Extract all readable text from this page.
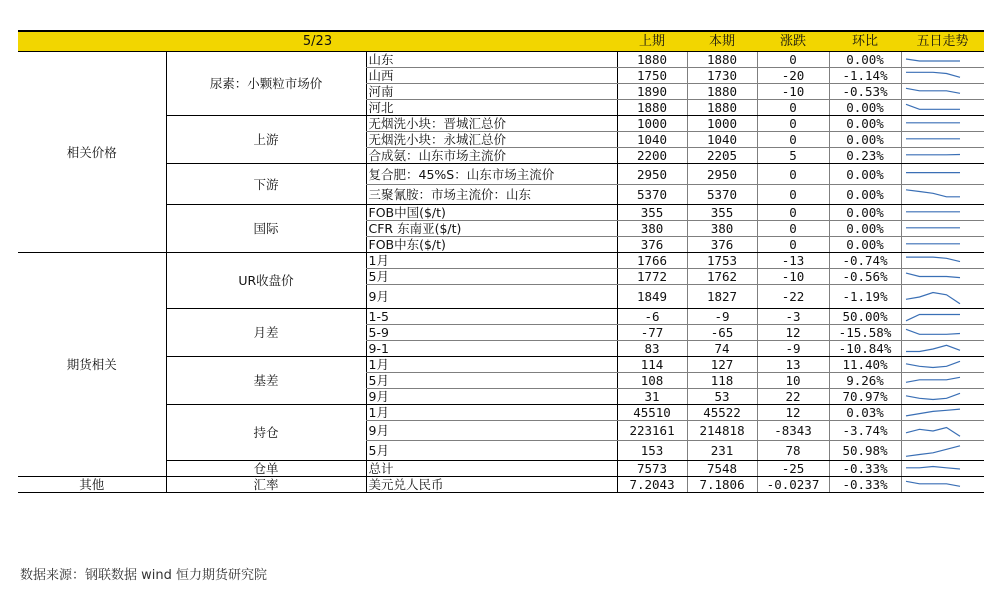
5/23			上期	本期	涨跌	环比	五日走势
相关价格	尿素：小颗粒市场价	山东	1880	1880	0	0.00%	

		山西	1750	1730	-20	-1.14%	

		河南	1890	1880	-10	-0.53%	

		河北	1880	1880	0	0.00%	

	上游	无烟洗小块：晋城汇总价	1000	1000	0	0.00%	

		无烟洗小块：永城汇总价	1040	1040	0	0.00%	

		合成氨：山东市场主流价	2200	2205	5	0.23%	

	下游	复合肥：45%S：山东市场主流价	2950	2950	0	0.00%	

		三聚氰胺：市场主流价：山东	5370	5370	0	0.00%	

	国际	FOB中国($/t)	355	355	0	0.00%	

		CFR 东南亚($/t)	380	380	0	0.00%	

		FOB中东($/t)	376	376	0	0.00%	

期货相关	UR收盘价	1月	1766	1753	-13	-0.74%	

		5月	1772	1762	-10	-0.56%	

		9月	1849	1827	-22	-1.19%	

	月差	1-5	-6	-9	-3	50.00%	

		5-9	-77	-65	12	-15.58%	

		9-1	83	74	-9	-10.84%	

	基差	1月	114	127	13	11.40%	

		5月	108	118	10	9.26%	

		9月	31	53	22	70.97%	

	持仓	1月	45510	45522	12	0.03%	

		9月	223161	214818	-8343	-3.74%	

		5月	153	231	78	50.98%	

	仓单	总计	7573	7548	-25	-0.33%	

其他	汇率	美元兑人民币	7.2043	7.1806	-0.0237	-0.33%	
数据来源：钢联数据 wind 恒力期货研究院
